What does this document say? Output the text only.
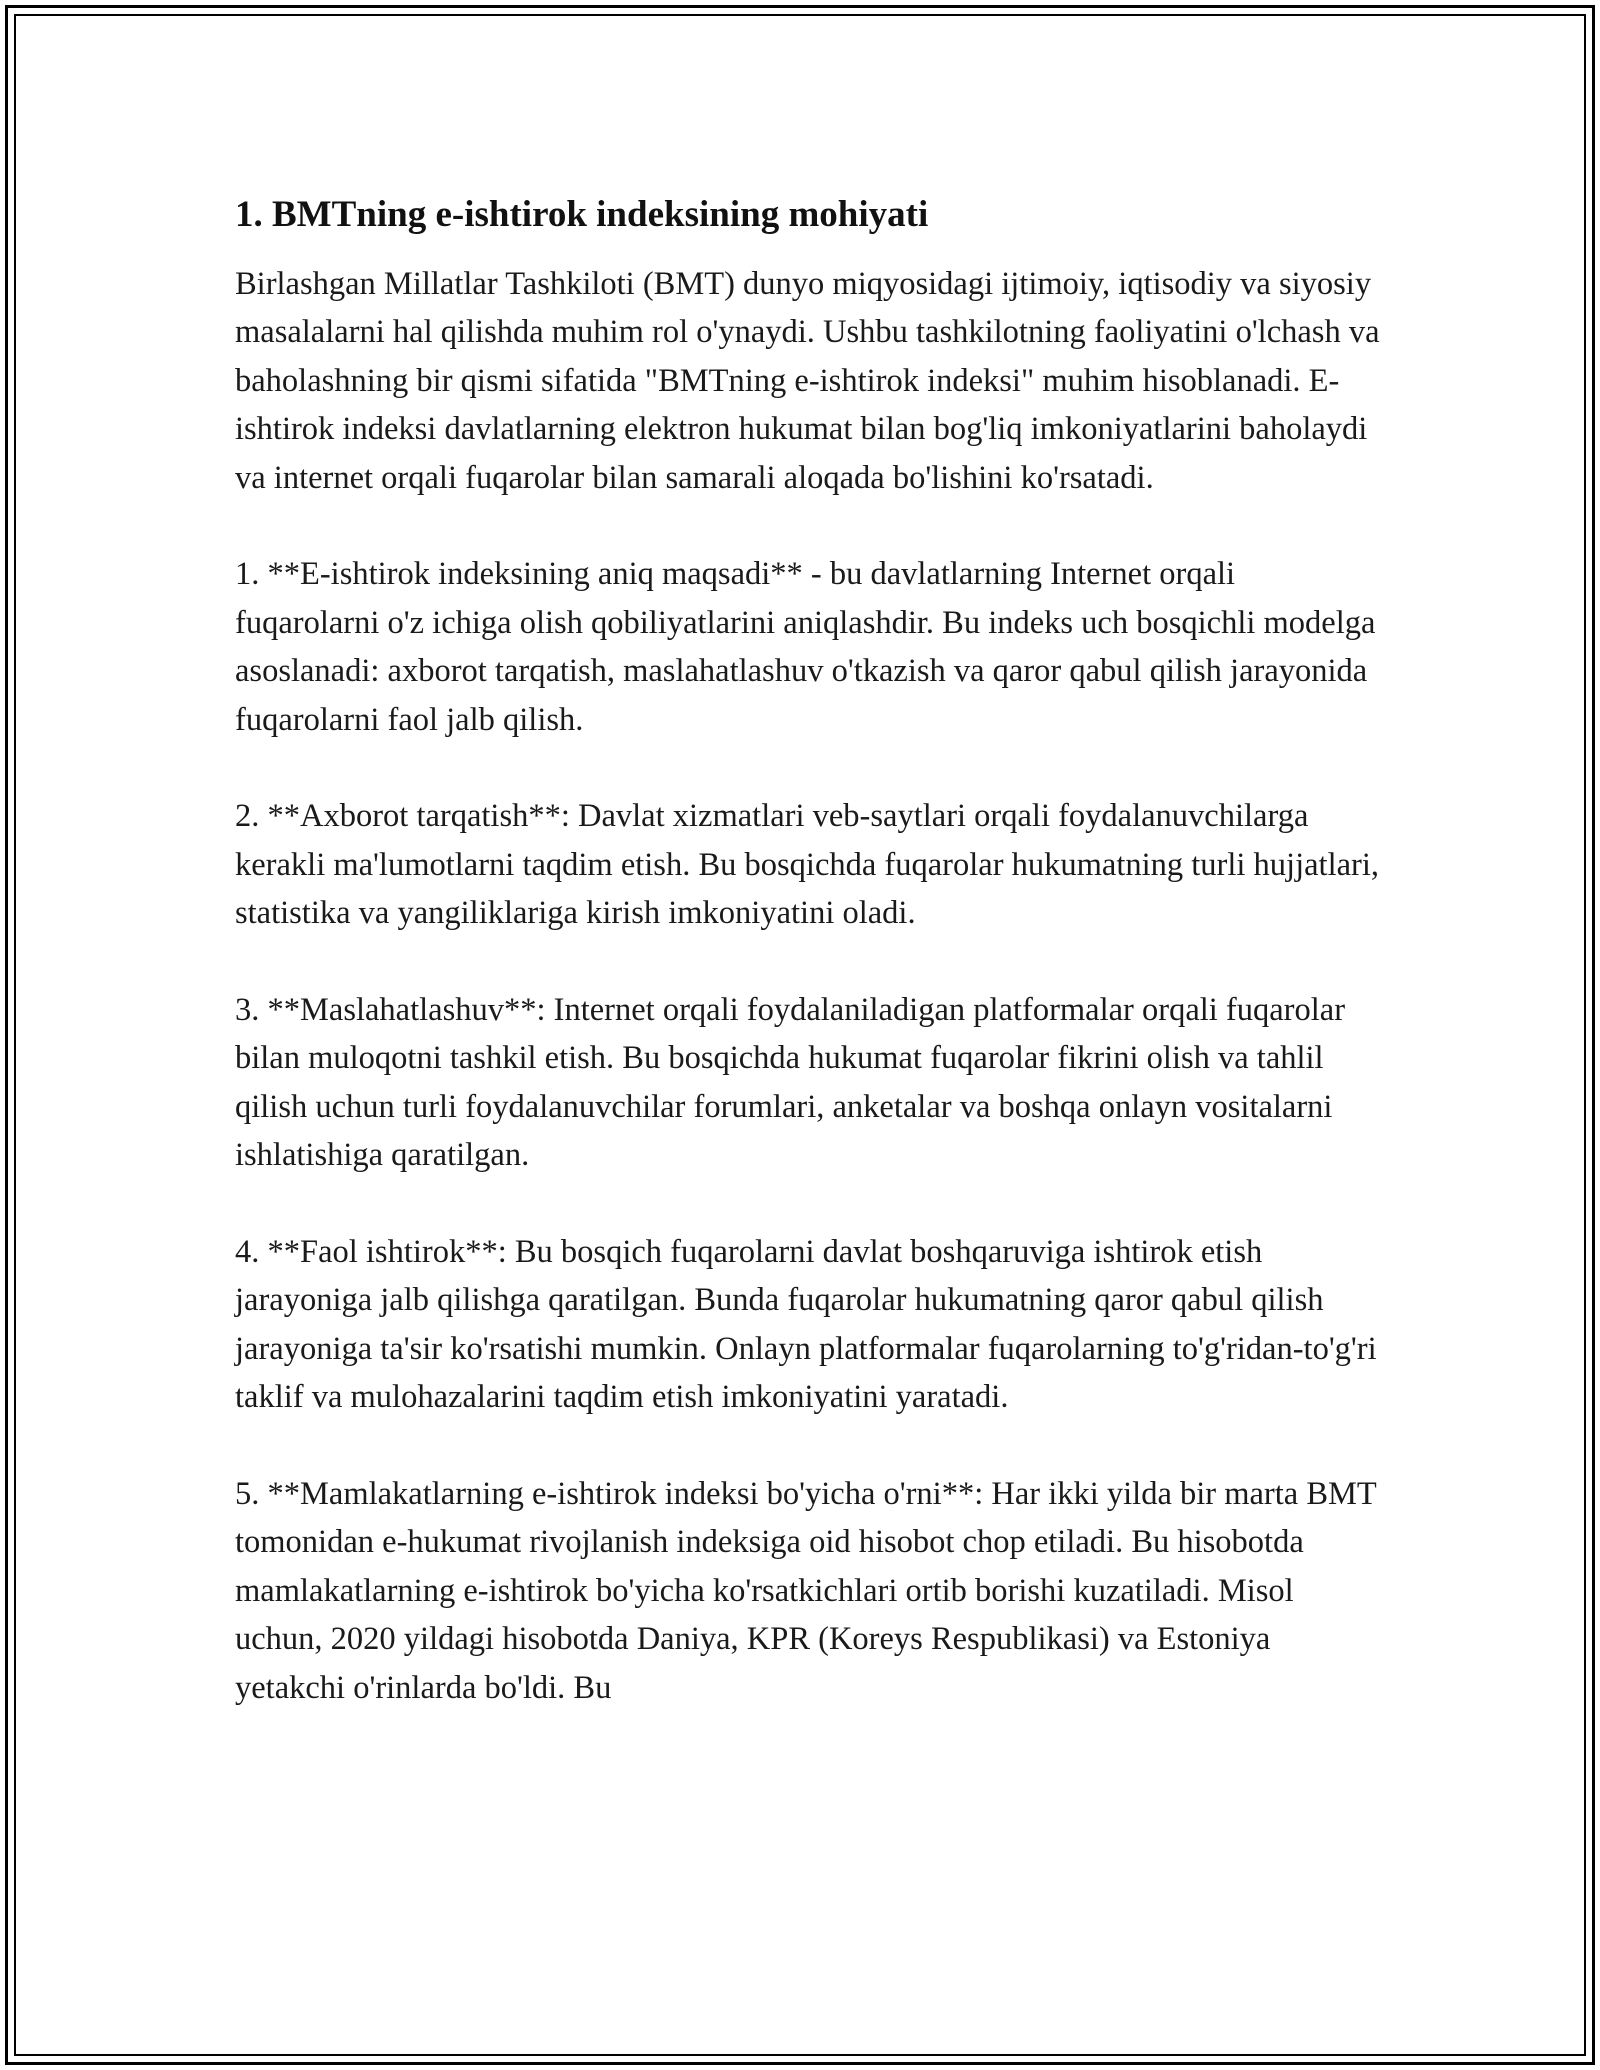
1. BMTning e-ishtirok indeksining mohiyati

Birlashgan Millatlar Tashkiloti (BMT) dunyo miqyosidagi ijtimoiy, iqtisodiy va siyosiy masalalarni hal qilishda muhim rol o'ynaydi. Ushbu tashkilotning faoliyatini o'lchash va baholashning bir qismi sifatida "BMTning e-ishtirok indeksi" muhim hisoblanadi. E-ishtirok indeksi davlatlarning elektron hukumat bilan bog'liq imkoniyatlarini baholaydi va internet orqali fuqarolar bilan samarali aloqada bo'lishini ko'rsatadi.

1. **E-ishtirok indeksining aniq maqsadi** - bu davlatlarning Internet orqali fuqarolarni o'z ichiga olish qobiliyatlarini aniqlashdir. Bu indeks uch bosqichli modelga asoslanadi: axborot tarqatish, maslahatlashuv o'tkazish va qaror qabul qilish jarayonida fuqarolarni faol jalb qilish.

2. **Axborot tarqatish**: Davlat xizmatlari veb-saytlari orqali foydalanuvchilarga kerakli ma'lumotlarni taqdim etish. Bu bosqichda fuqarolar hukumatning turli hujjatlari, statistika va yangiliklariga kirish imkoniyatini oladi.

3. **Maslahatlashuv**: Internet orqali foydalaniladigan platformalar orqali fuqarolar bilan muloqotni tashkil etish. Bu bosqichda hukumat fuqarolar fikrini olish va tahlil qilish uchun turli foydalanuvchilar forumlari, anketalar va boshqa onlayn vositalarni ishlatishiga qaratilgan.

4. **Faol ishtirok**: Bu bosqich fuqarolarni davlat boshqaruviga ishtirok etish jarayoniga jalb qilishga qaratilgan. Bunda fuqarolar hukumatning qaror qabul qilish jarayoniga ta'sir ko'rsatishi mumkin. Onlayn platformalar fuqarolarning to'g'ridan-to'g'ri taklif va mulohazalarini taqdim etish imkoniyatini yaratadi.

5. **Mamlakatlarning e-ishtirok indeksi bo'yicha o'rni**: Har ikki yilda bir marta BMT tomonidan e-hukumat rivojlanish indeksiga oid hisobot chop etiladi. Bu hisobotda mamlakatlarning e-ishtirok bo'yicha ko'rsatkichlari ortib borishi kuzatiladi. Misol uchun, 2020 yildagi hisobotda Daniya, KPR (Koreys Respublikasi) va Estoniya yetakchi o'rinlarda bo'ldi. Bu
